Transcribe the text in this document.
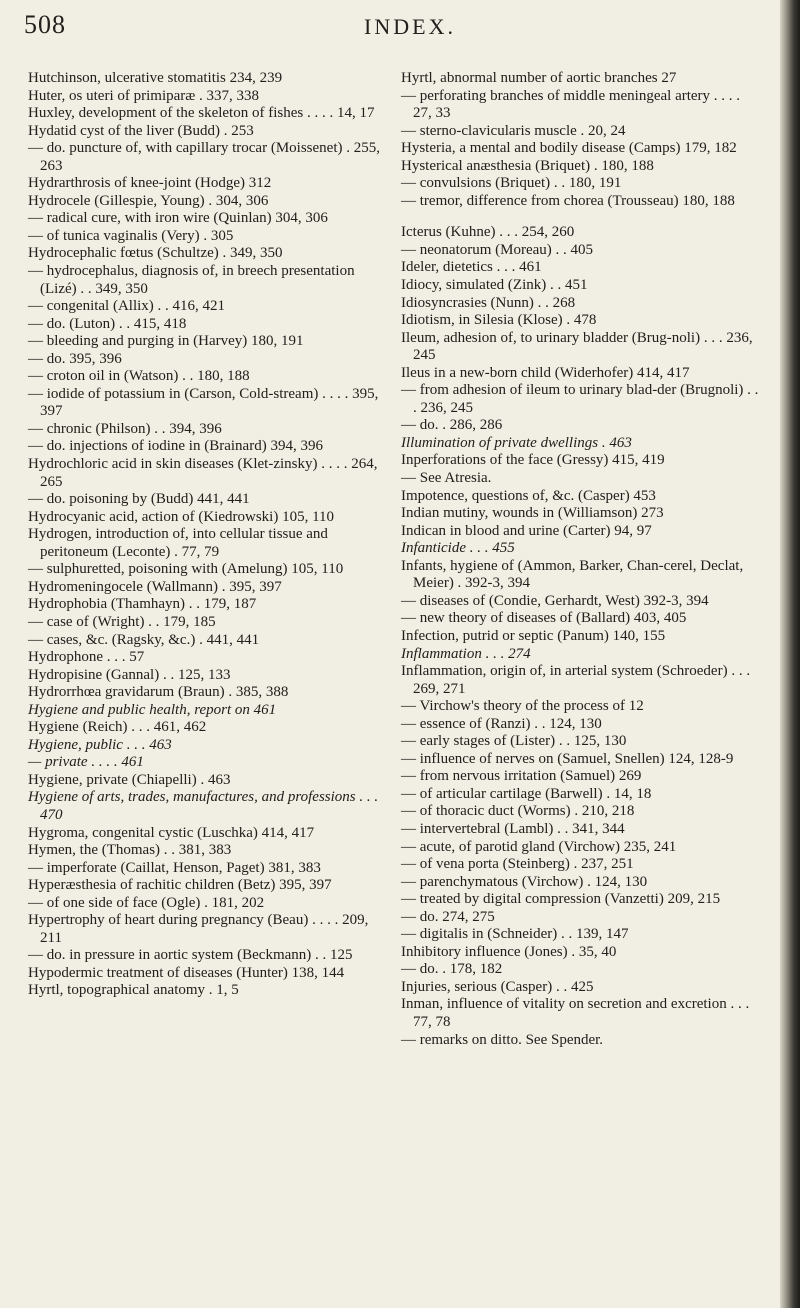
508	INDEX.
Hutchinson, ulcerative stomatitis 234, 239
Huter, os uteri of primiparæ . 337, 338
Huxley, development of the skeleton of fishes . . . . 14, 17
Hydatid cyst of the liver (Budd) . 253
— do. puncture of, with capillary trocar (Moissenet) . 255, 263
Hydrarthrosis of knee-joint (Hodge) 312
Hydrocele (Gillespie, Young) . 304, 306
— radical cure, with iron wire (Quinlan) 304, 306
— of tunica vaginalis (Very) . 305
Hydrocephalic fœtus (Schultze) . 349, 350
— hydrocephalus, diagnosis of, in breech presentation (Lizé) . . 349, 350
— congenital (Allix) . . 416, 421
— do. (Luton) . . 415, 418
— bleeding and purging in (Harvey) 180, 191
— do. 395, 396
— croton oil in (Watson) . . 180, 188
— iodide of potassium in (Carson, Cold-stream) . . . . 395, 397
— chronic (Philson) . . 394, 396
— do. injections of iodine in (Brainard) 394, 396
Hydrochloric acid in skin diseases (Klet-zinsky) . . . . 264, 265
— do. poisoning by (Budd) 441, 441
Hydrocyanic acid, action of (Kiedrowski) 105, 110
Hydrogen, introduction of, into cellular tissue and peritoneum (Leconte) . 77, 79
— sulphuretted, poisoning with (Amelung) 105, 110
Hydromeningocele (Wallmann) . 395, 397
Hydrophobia (Thamhayn) . . 179, 187
— case of (Wright) . . 179, 185
— cases, &c. (Ragsky, &c.) . 441, 441
Hydrophone . . . 57
Hydropisine (Gannal) . . 125, 133
Hydrorrhœa gravidarum (Braun) . 385, 388
Hygiene and public health, report on 461
Hygiene (Reich) . . . 461, 462
Hygiene, public . . . 463
— private . . . . 461
Hygiene, private (Chiapelli) . 463
Hygiene of arts, trades, manufactures, and professions . . . 470
Hygroma, congenital cystic (Luschka) 414, 417
Hymen, the (Thomas) . . 381, 383
— imperforate (Caillat, Henson, Paget) 381, 383
Hyperæsthesia of rachitic children (Betz) 395, 397
— of one side of face (Ogle) . 181, 202
Hypertrophy of heart during pregnancy (Beau) . . . . 209, 211
— do. in pressure in aortic system (Beckmann) . . 125
Hypodermic treatment of diseases (Hunter) 138, 144
Hyrtl, topographical anatomy . 1, 5
Hyrtl, abnormal number of aortic branches 27
— perforating branches of middle meningeal artery . . . . 27, 33
— sterno-clavicularis muscle . 20, 24
Hysteria, a mental and bodily disease (Camps) 179, 182
Hysterical anæsthesia (Briquet) . 180, 188
— convulsions (Briquet) . . 180, 191
— tremor, difference from chorea (Trousseau) 180, 188
Icterus (Kuhne) . . . 254, 260
— neonatorum (Moreau) . . 405
Ideler, dietetics . . . 461
Idiocy, simulated (Zink) . . 451
Idiosyncrasies (Nunn) . . 268
Idiotism, in Silesia (Klose) . 478
Ileum, adhesion of, to urinary bladder (Brug-noli) . . . 236, 245
Ileus in a new-born child (Widerhofer) 414, 417
— from adhesion of ileum to urinary blad-der (Brugnoli) . . . 236, 245
— do. . 286, 286
Illumination of private dwellings . 463
Inperforations of the face (Gressy) 415, 419
— See Atresia.
Impotence, questions of, &c. (Casper) 453
Indian mutiny, wounds in (Williamson) 273
Indican in blood and urine (Carter) 94, 97
Infanticide . . . 455
Infants, hygiene of (Ammon, Barker, Chan-cerel, Declat, Meier) . 392-3, 394
— diseases of (Condie, Gerhardt, West) 392-3, 394
— new theory of diseases of (Ballard) 403, 405
Infection, putrid or septic (Panum) 140, 155
Inflammation . . . 274
Inflammation, origin of, in arterial system (Schroeder) . . . 269, 271
— Virchow's theory of the process of 12
— essence of (Ranzi) . . 124, 130
— early stages of (Lister) . . 125, 130
— influence of nerves on (Samuel, Snellen) 124, 128-9
— from nervous irritation (Samuel) 269
— of articular cartilage (Barwell) . 14, 18
— of thoracic duct (Worms) . 210, 218
— intervertebral (Lambl) . . 341, 344
— acute, of parotid gland (Virchow) 235, 241
— of vena porta (Steinberg) . 237, 251
— parenchymatous (Virchow) . 124, 130
— treated by digital compression (Vanzetti) 209, 215
— do. 274, 275
— digitalis in (Schneider) . . 139, 147
Inhibitory influence (Jones) . 35, 40
— do. . 178, 182
Injuries, serious (Casper) . . 425
Inman, influence of vitality on secretion and excretion . . . 77, 78
— remarks on ditto. See Spender.
